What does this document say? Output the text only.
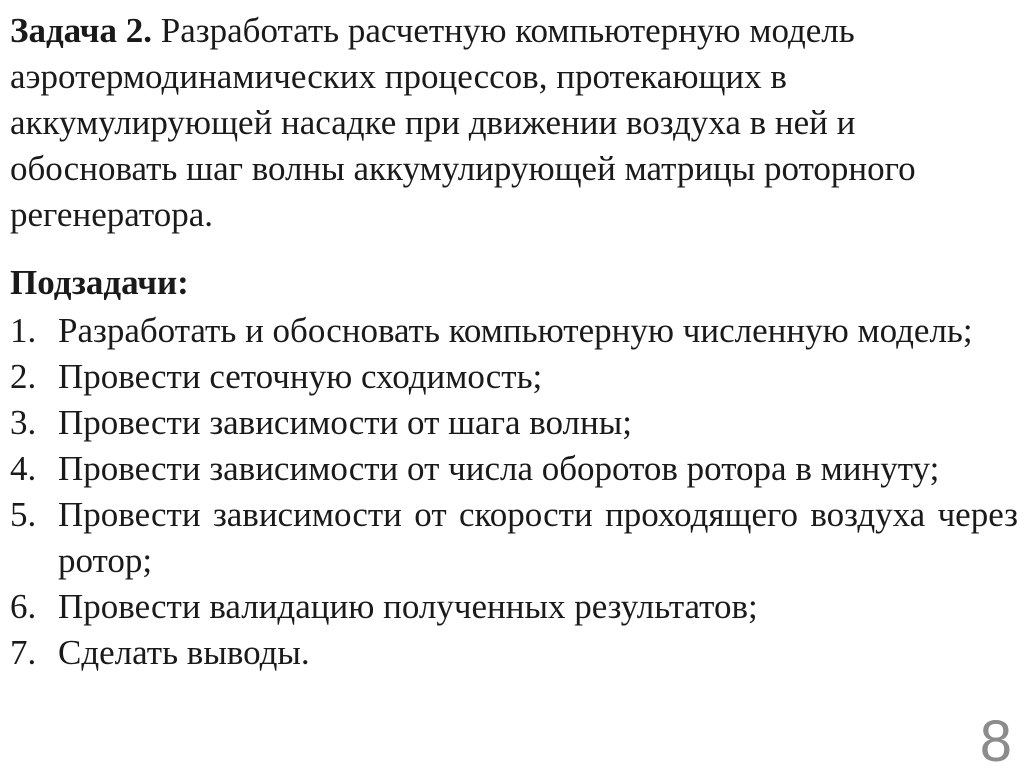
Задача 2. Разработать расчетную компьютерную модель аэротермодинамических процессов, протекающих в аккумулирующей насадке при движении воздуха в ней и обосновать шаг волны аккумулирующей матрицы роторного регенератора.
Подзадачи:
1. Разработать и обосновать компьютерную численную модель;
2. Провести сеточную сходимость;
3. Провести зависимости от шага волны;
4. Провести зависимости от числа оборотов ротора в минуту;
5. Провести зависимости от скорости проходящего воздуха через ротор;
6. Провести валидацию полученных результатов;
7. Сделать выводы.
8
